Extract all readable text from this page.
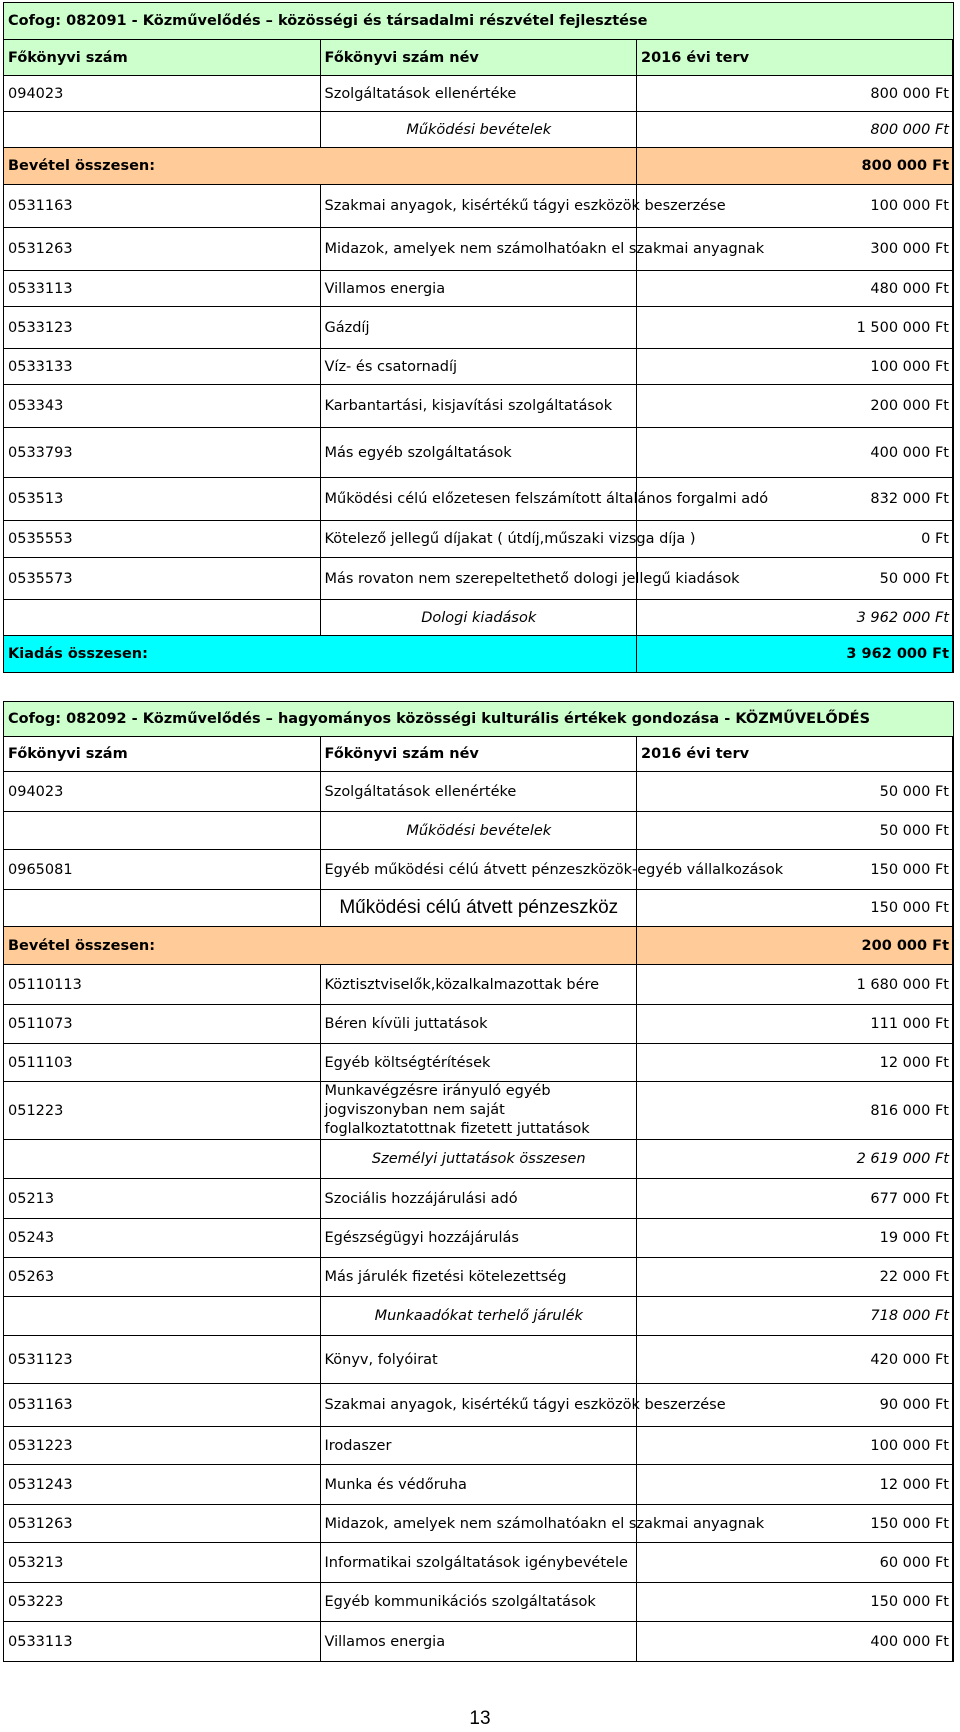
Cofog: 082091 - Közművelődés – közösségi és társadalmi részvétel fejlesztése		
Főkönyvi szám	Főkönyvi szám név	2016 évi terv
094023	Szolgáltatások ellenértéke	800 000 Ft
	Működési bevételek	800 000 Ft
Bevétel összesen:		800 000 Ft
0531163	Szakmai anyagok, kisértékű tágyi eszközök beszerzése	100 000 Ft
0531263	Midazok, amelyek nem számolhatóakn el szakmai anyagnak	300 000 Ft
0533113	Villamos energia	480 000 Ft
0533123	Gázdíj	1 500 000 Ft
0533133	Víz- és csatornadíj	100 000 Ft
053343	Karbantartási, kisjavítási szolgáltatások	200 000 Ft
0533793	Más egyéb szolgáltatások	400 000 Ft
053513	Működési célú előzetesen felszámított általános forgalmi adó	832 000 Ft
0535553	Kötelező jellegű díjakat ( útdíj,műszaki vizsga díja )	0 Ft
0535573	Más rovaton nem szerepeltethető dologi jellegű kiadások	50 000 Ft
	Dologi kiadások	3 962 000 Ft
Kiadás összesen:		3 962 000 Ft
Cofog: 082092 - Közművelődés – hagyományos közösségi kulturális értékek gondozása - KÖZMŰVELŐDÉS		
Főkönyvi szám	Főkönyvi szám név	2016 évi terv
094023	Szolgáltatások ellenértéke	50 000 Ft
	Működési bevételek	50 000 Ft
0965081	Egyéb működési célú átvett pénzeszközök-egyéb vállalkozások	150 000 Ft
	Működési célú átvett pénzeszköz	150 000 Ft
Bevétel összesen:		200 000 Ft
05110113	Köztisztviselők,közalkalmazottak bére	1 680 000 Ft
0511073	Béren kívüli juttatások	111 000 Ft
0511103	Egyéb költségtérítések	12 000 Ft
051223	Munkavégzésre irányuló egyéb jogviszonyban nem saját foglalkoztatottnak fizetett juttatások	816 000 Ft
	Személyi juttatások összesen	2 619 000 Ft
05213	Szociális hozzájárulási adó	677 000 Ft
05243	Egészségügyi hozzájárulás	19 000 Ft
05263	Más járulék fizetési kötelezettség	22 000 Ft
	Munkaadókat terhelő járulék	718 000 Ft
0531123	Könyv, folyóirat	420 000 Ft
0531163	Szakmai anyagok, kisértékű tágyi eszközök beszerzése	90 000 Ft
0531223	Irodaszer	100 000 Ft
0531243	Munka és védőruha	12 000 Ft
0531263	Midazok, amelyek nem számolhatóakn el szakmai anyagnak	150 000 Ft
053213	Informatikai szolgáltatások igénybevétele	60 000 Ft
053223	Egyéb kommunikációs szolgáltatások	150 000 Ft
0533113	Villamos energia	400 000 Ft
13
